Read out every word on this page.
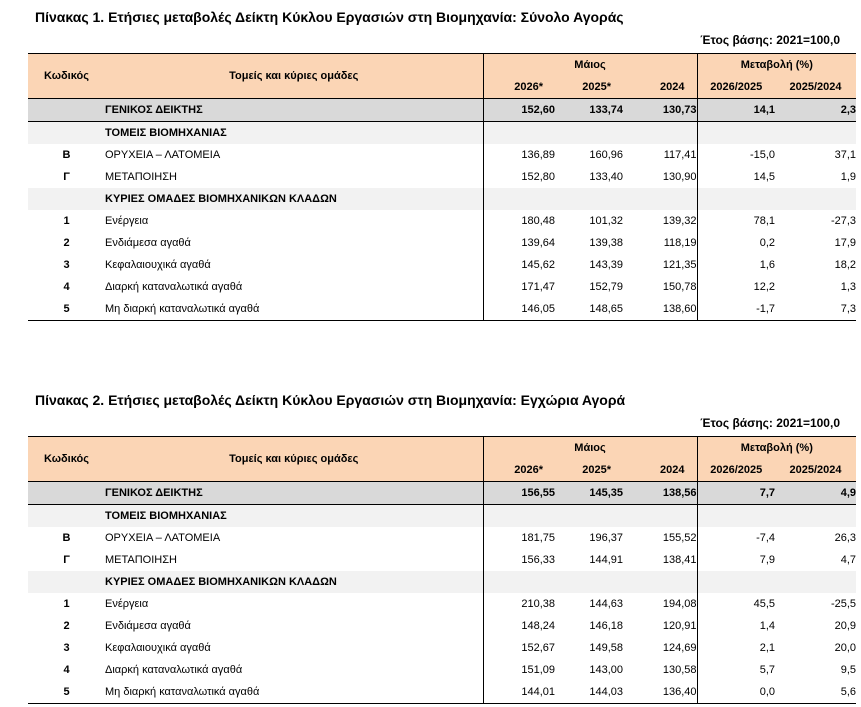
Πίνακας 1. Ετήσιες μεταβολές Δείκτη Κύκλου Εργασιών στη Βιομηχανία: Σύνολο Αγοράς
Έτος βάσης: 2021=100,0
Κωδικός	Τομείς και κύριες ομάδες	Μάιος			Μεταβολή (%)	
		2026*	2025*	2024	2026/2025	2025/2024
	ΓΕΝΙΚΟΣ ΔΕΙΚΤΗΣ	152,60	133,74	130,73	14,1	2,3
	ΤΟΜΕΙΣ ΒΙΟΜΗΧΑΝΙΑΣ					
Β	ΟΡΥΧΕΙΑ – ΛΑΤΟΜΕΙΑ	136,89	160,96	117,41	-15,0	37,1
Γ	ΜΕΤΑΠΟΙΗΣΗ	152,80	133,40	130,90	14,5	1,9
	ΚΥΡΙΕΣ ΟΜΑΔΕΣ ΒΙΟΜΗΧΑΝΙΚΩΝ ΚΛΑΔΩΝ					
1	Ενέργεια	180,48	101,32	139,32	78,1	-27,3
2	Ενδιάμεσα αγαθά	139,64	139,38	118,19	0,2	17,9
3	Κεφαλαιουχικά αγαθά	145,62	143,39	121,35	1,6	18,2
4	Διαρκή καταναλωτικά αγαθά	171,47	152,79	150,78	12,2	1,3
5	Μη διαρκή καταναλωτικά αγαθά	146,05	148,65	138,60	-1,7	7,3
Πίνακας 2. Ετήσιες μεταβολές Δείκτη Κύκλου Εργασιών στη Βιομηχανία: Εγχώρια Αγορά
Έτος βάσης: 2021=100,0
Κωδικός	Τομείς και κύριες ομάδες	Μάιος			Μεταβολή (%)	
		2026*	2025*	2024	2026/2025	2025/2024
	ΓΕΝΙΚΟΣ ΔΕΙΚΤΗΣ	156,55	145,35	138,56	7,7	4,9
	ΤΟΜΕΙΣ ΒΙΟΜΗΧΑΝΙΑΣ					
Β	ΟΡΥΧΕΙΑ – ΛΑΤΟΜΕΙΑ	181,75	196,37	155,52	-7,4	26,3
Γ	ΜΕΤΑΠΟΙΗΣΗ	156,33	144,91	138,41	7,9	4,7
	ΚΥΡΙΕΣ ΟΜΑΔΕΣ ΒΙΟΜΗΧΑΝΙΚΩΝ ΚΛΑΔΩΝ					
1	Ενέργεια	210,38	144,63	194,08	45,5	-25,5
2	Ενδιάμεσα αγαθά	148,24	146,18	120,91	1,4	20,9
3	Κεφαλαιουχικά αγαθά	152,67	149,58	124,69	2,1	20,0
4	Διαρκή καταναλωτικά αγαθά	151,09	143,00	130,58	5,7	9,5
5	Μη διαρκή καταναλωτικά αγαθά	144,01	144,03	136,40	0,0	5,6
